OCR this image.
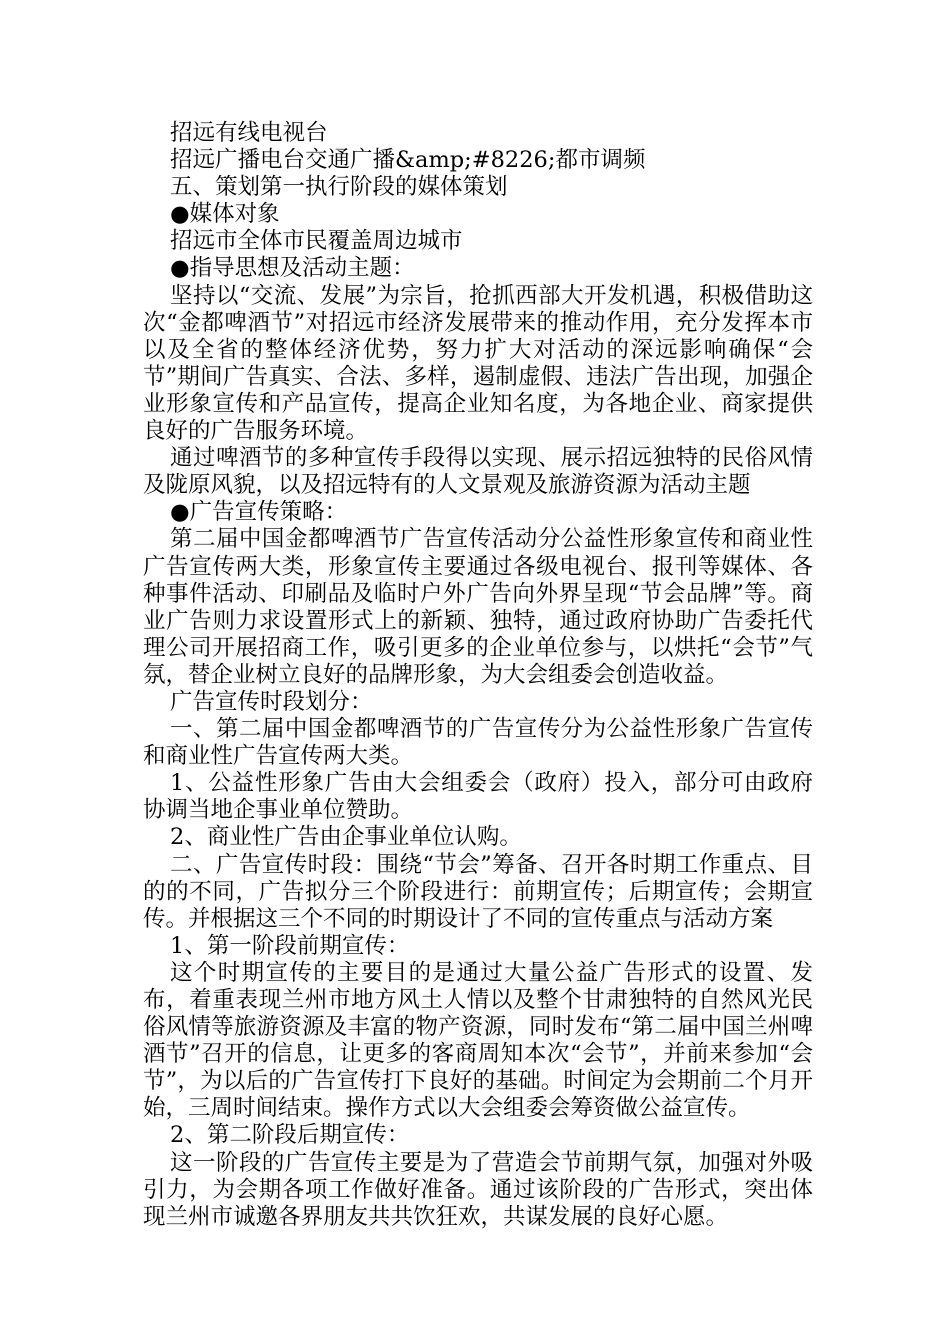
招远有线电视台

招远广播电台交通广播&amp;#8226;都市调频

五、策划第一执行阶段的媒体策划

●媒体对象

招远市全体市民覆盖周边城市

●指导思想及活动主题：

坚持以“交流、发展”为宗旨，抢抓西部大开发机遇，积极借助这次“金都啤酒节”对招远市经济发展带来的推动作用，充分发挥本市以及全省的整体经济优势，努力扩大对活动的深远影响确保“会节”期间广告真实、合法、多样，遏制虚假、违法广告出现，加强企业形象宣传和产品宣传，提高企业知名度，为各地企业、商家提供良好的广告服务环境。

通过啤酒节的多种宣传手段得以实现、展示招远独特的民俗风情及陇原风貌，以及招远特有的人文景观及旅游资源为活动主题

●广告宣传策略：

第二届中国金都啤酒节广告宣传活动分公益性形象宣传和商业性广告宣传两大类，形象宣传主要通过各级电视台、报刊等媒体、各种事件活动、印刷品及临时户外广告向外界呈现“节会品牌”等。商业广告则力求设置形式上的新颖、独特，通过政府协助广告委托代理公司开展招商工作，吸引更多的企业单位参与，以烘托“会节”气氛，替企业树立良好的品牌形象，为大会组委会创造收益。

广告宣传时段划分：

一、第二届中国金都啤酒节的广告宣传分为公益性形象广告宣传和商业性广告宣传两大类。

1、公益性形象广告由大会组委会（政府）投入，部分可由政府协调当地企事业单位赞助。

2、商业性广告由企事业单位认购。

二、广告宣传时段：围绕“节会”筹备、召开各时期工作重点、目的的不同，广告拟分三个阶段进行：前期宣传；后期宣传；会期宣传。并根据这三个不同的时期设计了不同的宣传重点与活动方案

1、第一阶段前期宣传：

这个时期宣传的主要目的是通过大量公益广告形式的设置、发布，着重表现兰州市地方风土人情以及整个甘肃独特的自然风光民俗风情等旅游资源及丰富的物产资源，同时发布“第二届中国兰州啤酒节”召开的信息，让更多的客商周知本次“会节”，并前来参加“会节”，为以后的广告宣传打下良好的基础。时间定为会期前二个月开始，三周时间结束。操作方式以大会组委会筹资做公益宣传。

2、第二阶段后期宣传：

这一阶段的广告宣传主要是为了营造会节前期气氛，加强对外吸引力，为会期各项工作做好准备。通过该阶段的广告形式，突出体现兰州市诚邀各界朋友共共饮狂欢，共谋发展的良好心愿。
